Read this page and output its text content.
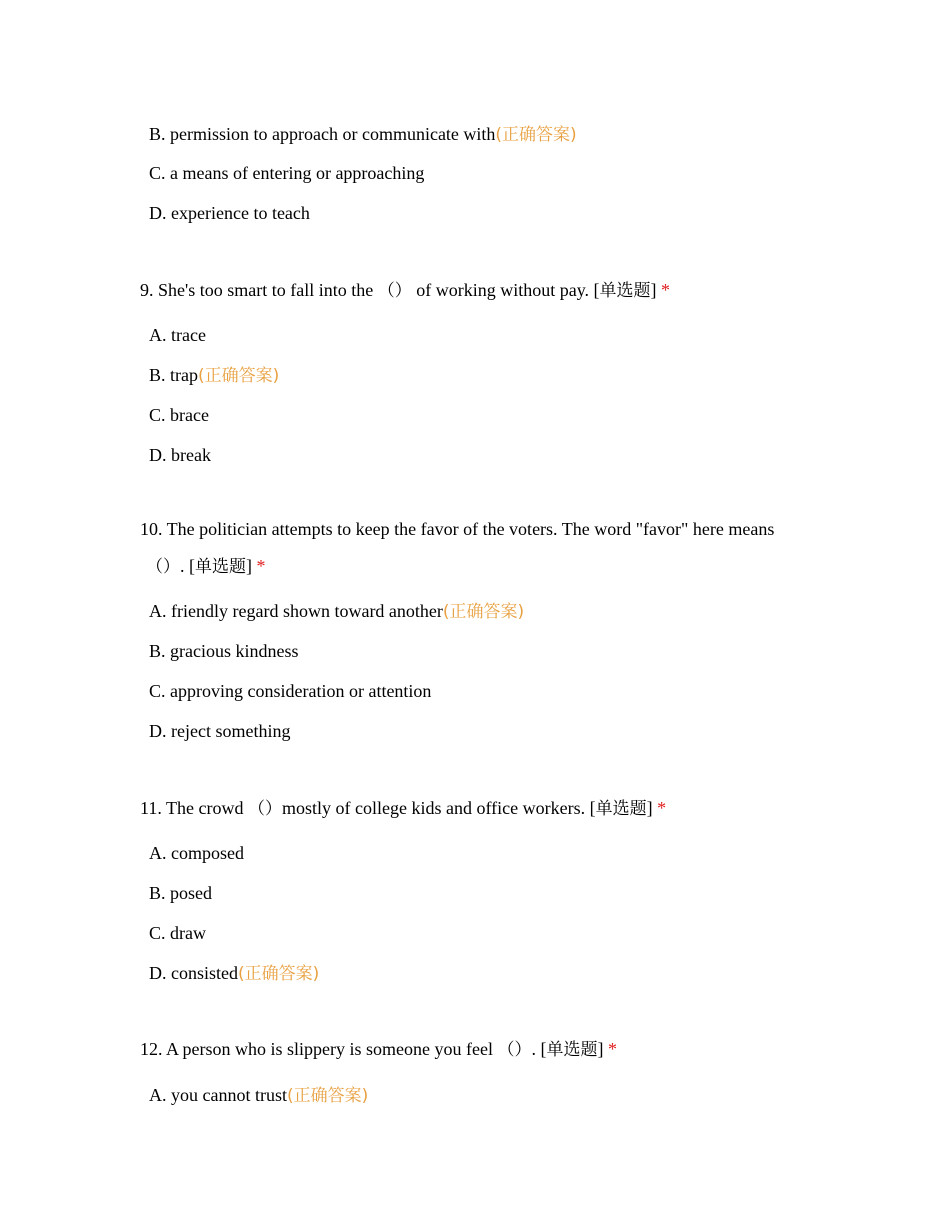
B. permission to approach or communicate with(正确答案)
C. a means of entering or approaching
D. experience to teach
9. She's too smart to fall into the （） of working without pay. [单选题] *
A. trace
B. trap(正确答案)
C. brace
D. break
10. The politician attempts to keep the favor of the voters. The word "favor" here means
（）. [单选题] *
A. friendly regard shown toward another(正确答案)
B. gracious kindness
C. approving consideration or attention
D. reject something
11. The crowd （）mostly of college kids and office workers. [单选题] *
A. composed
B. posed
C. draw
D. consisted(正确答案)
12. A person who is slippery is someone you feel （）. [单选题] *
A. you cannot trust(正确答案)
